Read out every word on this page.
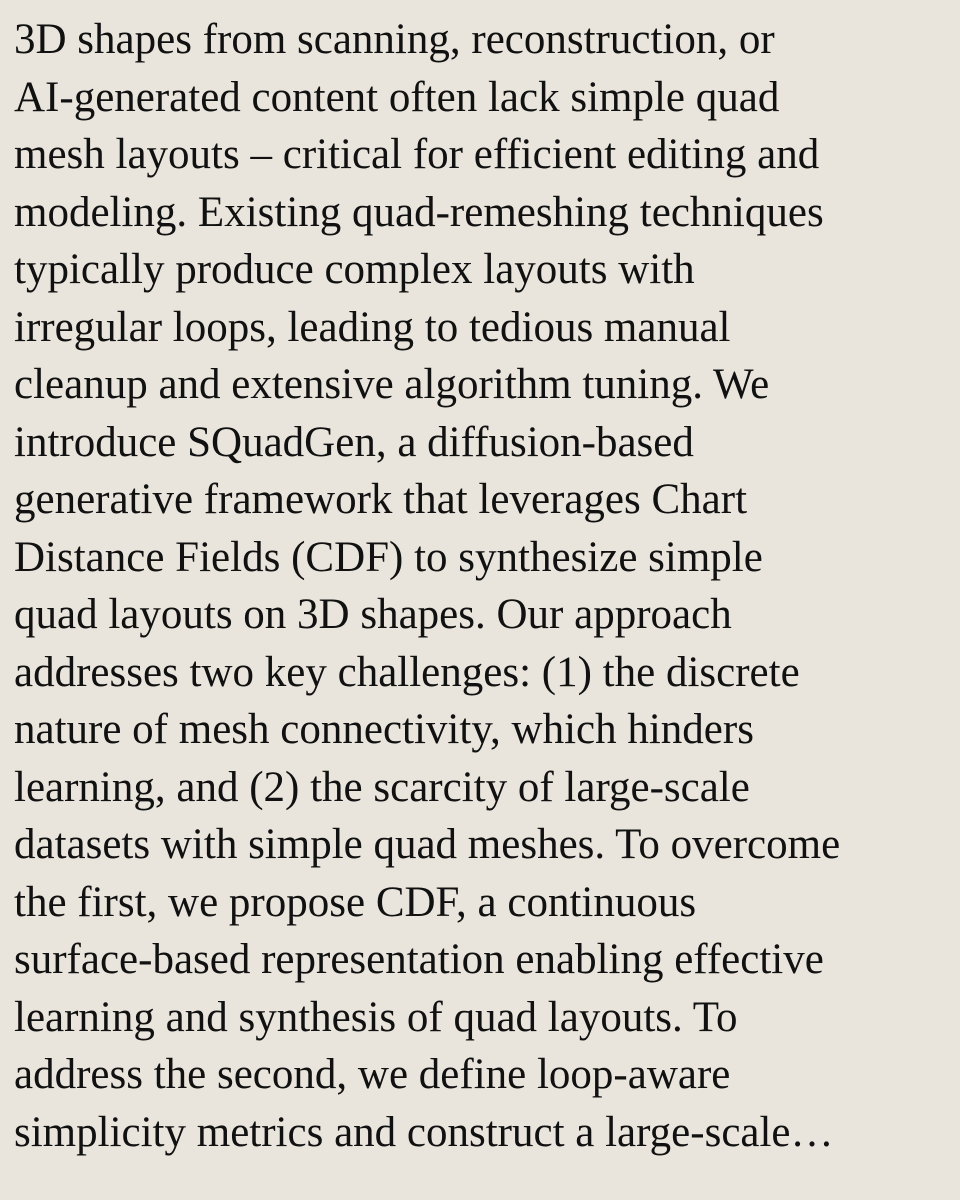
3D shapes from scanning, reconstruction, or
AI-generated content often lack simple quad
mesh layouts – critical for efficient editing and
modeling. Existing quad-remeshing techniques
typically produce complex layouts with
irregular loops, leading to tedious manual
cleanup and extensive algorithm tuning. We
introduce SQuadGen, a diffusion-based
generative framework that leverages Chart
Distance Fields (CDF) to synthesize simple
quad layouts on 3D shapes. Our approach
addresses two key challenges: (1) the discrete
nature of mesh connectivity, which hinders
learning, and (2) the scarcity of large-scale
datasets with simple quad meshes. To overcome
the first, we propose CDF, a continuous
surface-based representation enabling effective
learning and synthesis of quad layouts. To
address the second, we define loop-aware
simplicity metrics and construct a large-scale…
